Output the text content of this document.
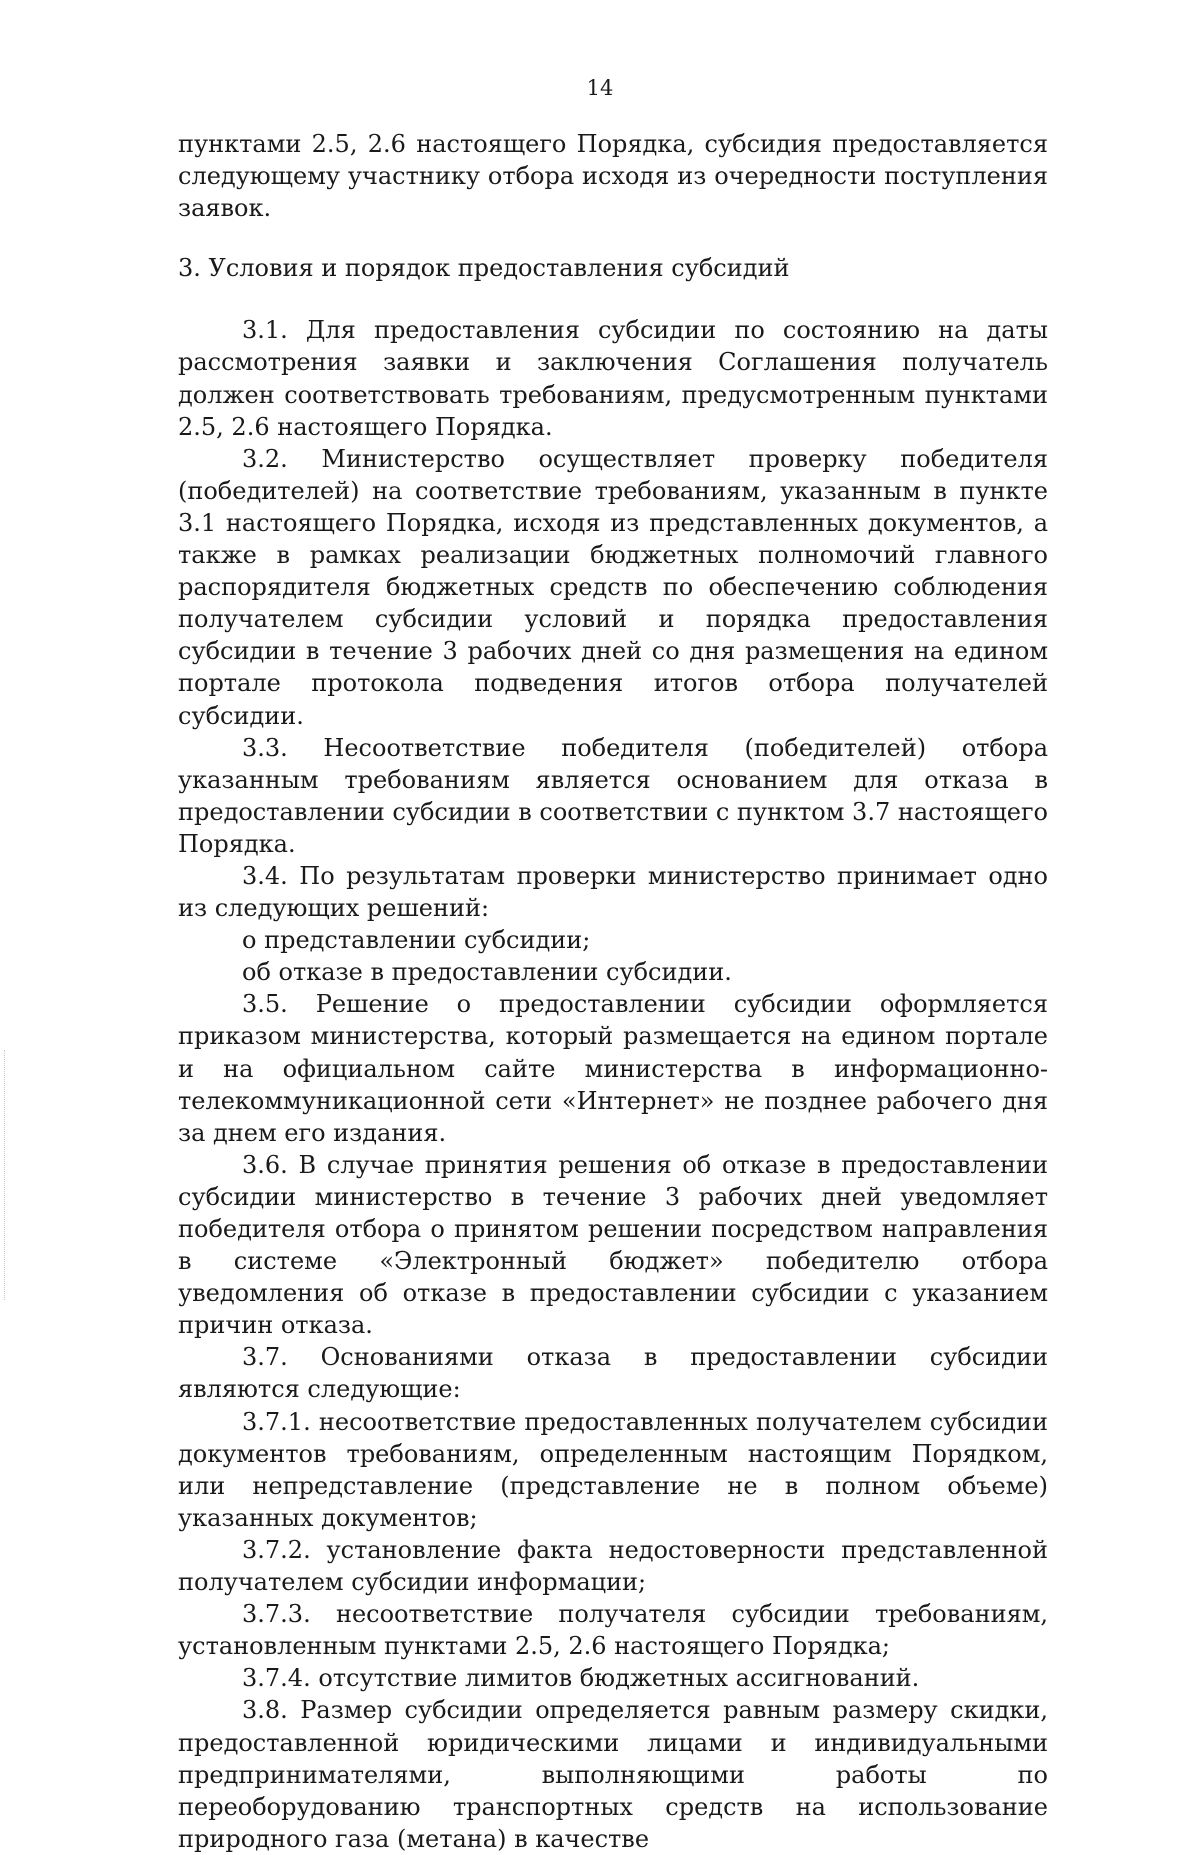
14

пунктами 2.5, 2.6 настоящего Порядка, субсидия предоставляется следующему участнику отбора исходя из очередности поступления заявок.

3. Условия и порядок предоставления субсидий

3.1. Для предоставления субсидии по состоянию на даты рассмотрения заявки и заключения Соглашения получатель должен соответствовать требованиям, предусмотренным пунктами 2.5, 2.6 настоящего Порядка.

3.2. Министерство осуществляет проверку победителя (победителей) на соответствие требованиям, указанным в пункте 3.1 настоящего Порядка, исходя из представленных документов, а также в рамках реализации бюджетных полномочий главного распорядителя бюджетных средств по обеспечению соблюдения получателем субсидии условий и порядка предоставления субсидии в течение 3 рабочих дней со дня размещения на едином портале протокола подведения итогов отбора получателей субсидии.

3.3. Несоответствие победителя (победителей) отбора указанным требованиям является основанием для отказа в предоставлении субсидии в соответствии с пунктом 3.7 настоящего Порядка.

3.4. По результатам проверки министерство принимает одно из следующих решений:

о представлении субсидии;

об отказе в предоставлении субсидии.

3.5. Решение о предоставлении субсидии оформляется приказом министерства, который размещается на едином портале и на официальном сайте министерства в информационно-телекоммуникационной сети «Интернет» не позднее рабочего дня за днем его издания.

3.6. В случае принятия решения об отказе в предоставлении субсидии министерство в течение 3 рабочих дней уведомляет победителя отбора о принятом решении посредством направления в системе «Электронный бюджет» победителю отбора уведомления об отказе в предоставлении субсидии с указанием причин отказа.

3.7. Основаниями отказа в предоставлении субсидии являются следующие:

3.7.1. несоответствие предоставленных получателем субсидии документов требованиям, определенным настоящим Порядком, или непредставление (представление не в полном объеме) указанных документов;

3.7.2. установление факта недостоверности представленной получателем субсидии информации;

3.7.3. несоответствие получателя субсидии требованиям, установленным пунктами 2.5, 2.6 настоящего Порядка;

3.7.4. отсутствие лимитов бюджетных ассигнований.

3.8. Размер субсидии определяется равным размеру скидки, предоставленной юридическими лицами и индивидуальными предпринимателями, выполняющими работы по переоборудованию транспортных средств на использование природного газа (метана) в качестве
